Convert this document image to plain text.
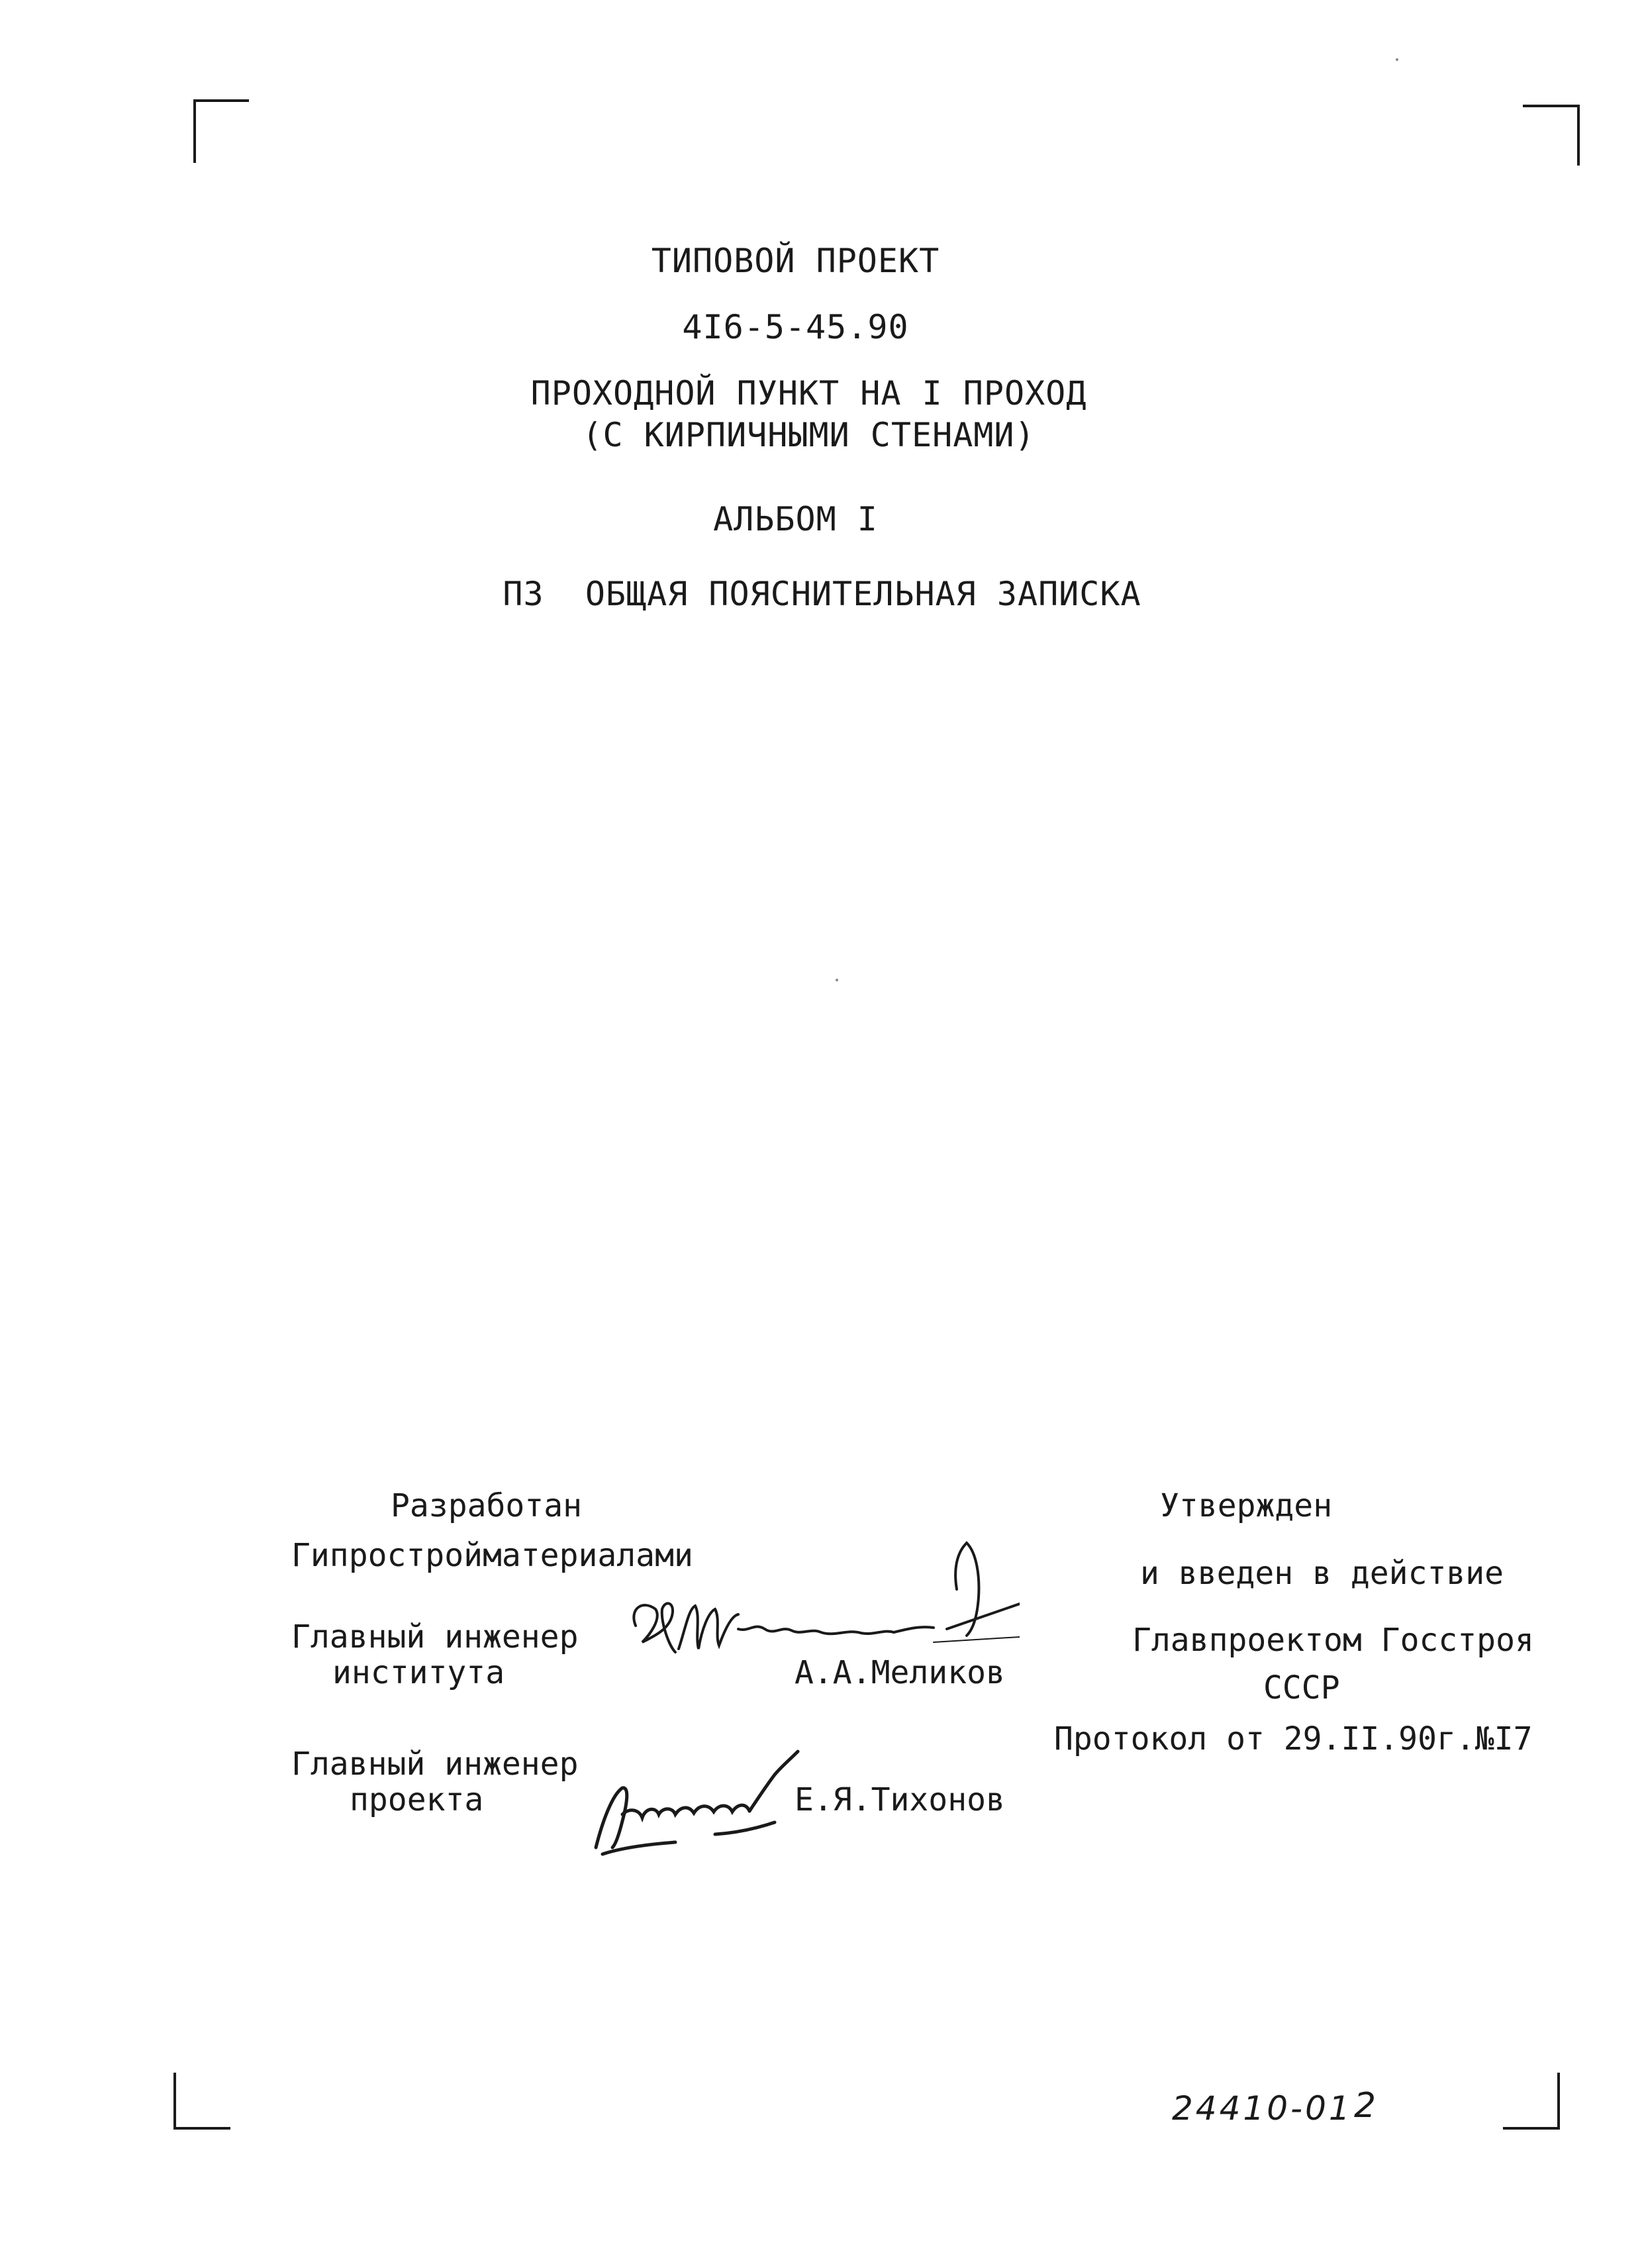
ТИПОВОЙ ПРОЕКТ
4I6-5-45.90
ПРОХОДНОЙ ПУНКТ НА I ПРОХОД
(С КИРПИЧНЫМИ СТЕНАМИ)
АЛЬБОМ I
ПЗ  ОБЩАЯ ПОЯСНИТЕЛЬНАЯ ЗАПИСКА
Разработан
Гипростройматериалами
Главный инженер
института	А.А.Меликов
Главный инженер
проекта	Е.Я.Тихонов
Утвержден
и введен в действие
Главпроектом Госстроя
СССР
Протокол от 29.II.90г.№I7
24410-01 2
